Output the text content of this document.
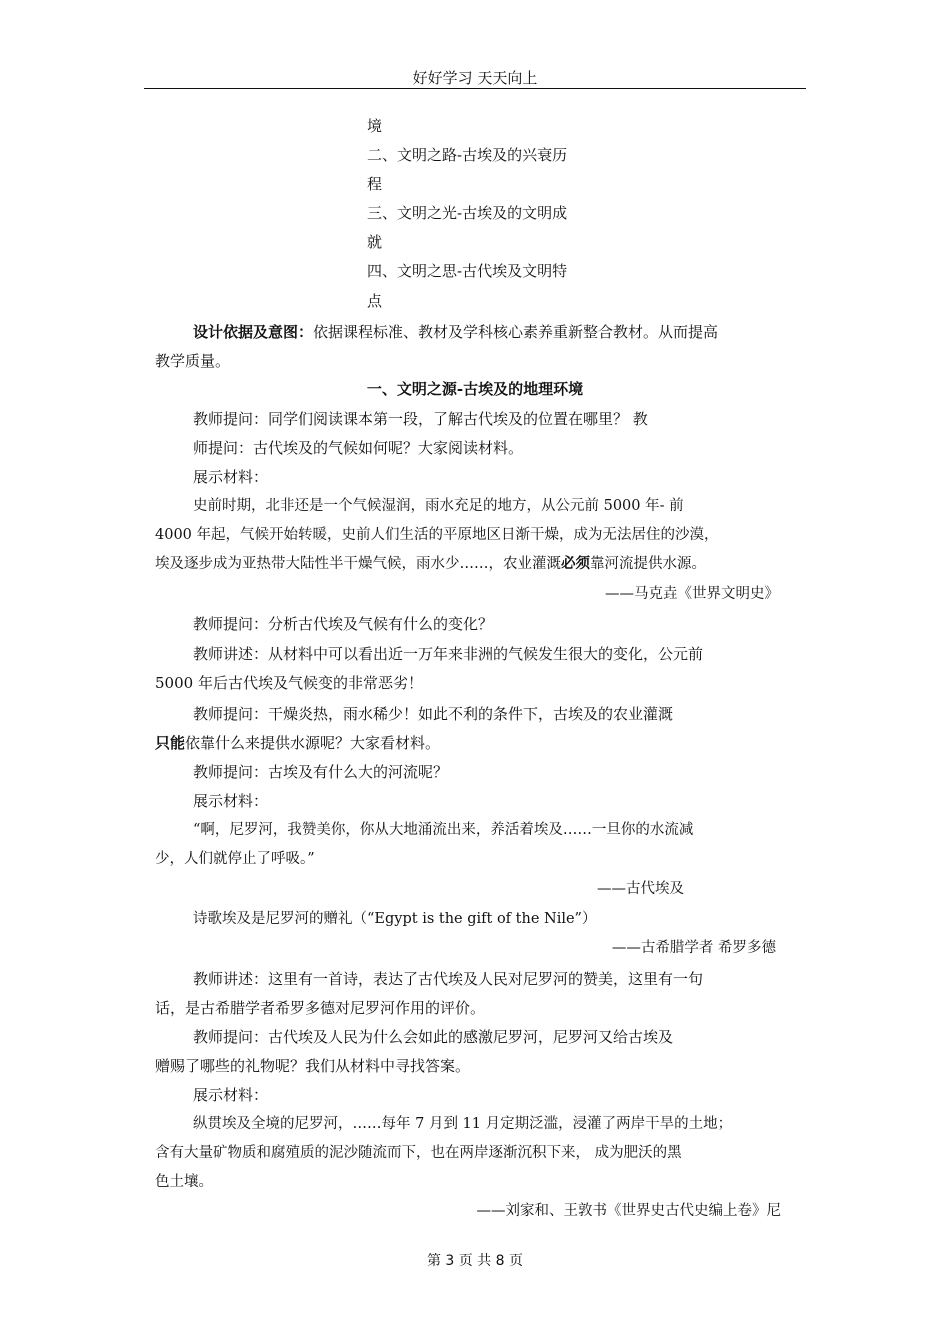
好好学习 天天向上
境
二、文明之路-古埃及的兴衰历
程
三、文明之光-古埃及的文明成
就
四、文明之思-古代埃及文明特
点
设计依据及意图：依据课程标准、教材及学科核心素养重新整合教材。从而提高
教学质量。
一、文明之源-古埃及的地理环境
教师提问：同学们阅读课本第一段，了解古代埃及的位置在哪里？ 教
师提问：古代埃及的气候如何呢？大家阅读材料。
展示材料：
史前时期，北非还是一个气候湿润，雨水充足的地方，从公元前 5000 年- 前
4000 年起，气候开始转暖，史前人们生活的平原地区日渐干燥，成为无法居住的沙漠，
埃及逐步成为亚热带大陆性半干燥气候，雨水少……，农业灌溉必须靠河流提供水源。
——马克垚《世界文明史》
教师提问：分析古代埃及气候有什么的变化？
教师讲述：从材料中可以看出近一万年来非洲的气候发生很大的变化，公元前
5000 年后古代埃及气候变的非常恶劣！
教师提问：干燥炎热，雨水稀少！如此不利的条件下，古埃及的农业灌溉
只能依靠什么来提供水源呢？大家看材料。
教师提问：古埃及有什么大的河流呢？
展示材料：
“啊，尼罗河，我赞美你，你从大地涌流出来，养活着埃及……一旦你的水流减
少，人们就停止了呼吸。”
——古代埃及
诗歌埃及是尼罗河的赠礼（“Egypt is the gift of the Nile”）
——古希腊学者 希罗多德
教师讲述：这里有一首诗，表达了古代埃及人民对尼罗河的赞美，这里有一句
话，是古希腊学者希罗多德对尼罗河作用的评价。
教师提问：古代埃及人民为什么会如此的感激尼罗河，尼罗河又给古埃及
赠赐了哪些的礼物呢？我们从材料中寻找答案。
展示材料：
纵贯埃及全境的尼罗河，……每年 7 月到 11 月定期泛滥，浸灌了两岸干旱的土地；
含有大量矿物质和腐殖质的泥沙随流而下，也在两岸逐渐沉积下来， 成为肥沃的黑
色土壤。
——刘家和、王敦书《世界史古代史编上卷》尼
第 3 页 共 8 页
